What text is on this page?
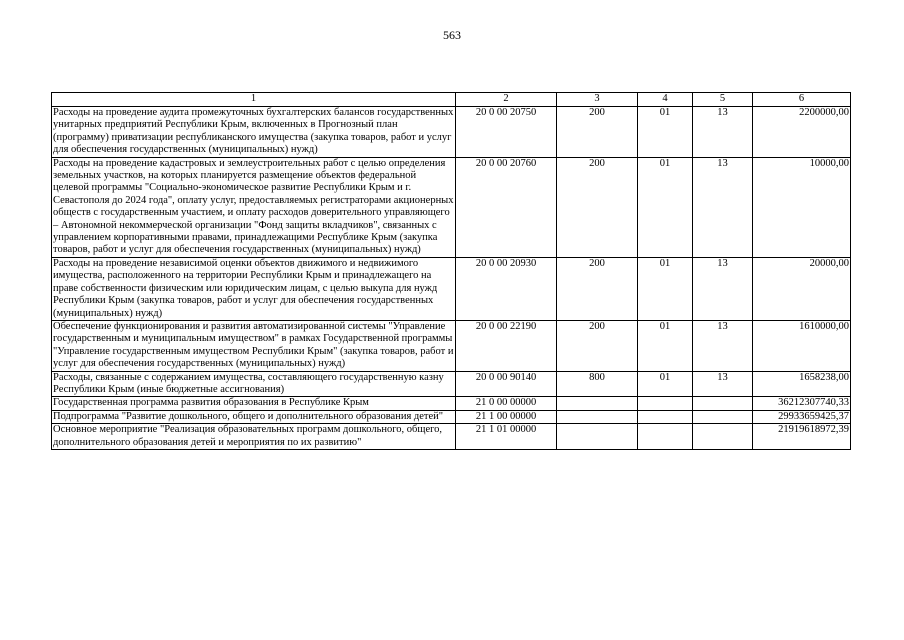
563
1	2	3	4	5	6
Расходы на проведение аудита промежуточных бухгалтерских балансов государственных унитарных предприятий Республики Крым, включенных в Прогнозный план (программу) приватизации республиканского имущества (закупка товаров, работ и услуг для обеспечения государственных (муниципальных) нужд)	20 0 00 20750	200	01	13	2200000,00
Расходы на проведение кадастровых и землеустроительных работ с целью определения земельных участков, на которых планируется размещение объектов федеральной целевой программы "Социально-экономическое развитие Республики Крым и г. Севастополя до 2024 года", оплату услуг, предоставляемых регистраторами акционерных обществ с государственным участием, и оплату расходов доверительного управляющего – Автономной некоммерческой организации "Фонд защиты вкладчиков", связанных с управлением корпоративными правами, принадлежащими Республике Крым (закупка товаров, работ и услуг для обеспечения государственных (муниципальных) нужд)	20 0 00 20760	200	01	13	10000,00
Расходы на проведение независимой оценки объектов движимого и недвижимого имущества, расположенного на территории Республики Крым и принадлежащего на праве собственности физическим или юридическим лицам, с целью выкупа для нужд Республики Крым (закупка товаров, работ и услуг для обеспечения государственных (муниципальных) нужд)	20 0 00 20930	200	01	13	20000,00
Обеспечение функционирования и развития автоматизированной системы "Управление государственным и муниципальным имуществом" в рамках Государственной программы "Управление государственным имуществом Республики Крым" (закупка товаров, работ и услуг для обеспечения государственных (муниципальных) нужд)	20 0 00 22190	200	01	13	1610000,00
Расходы, связанные с содержанием имущества, составляющего государственную казну Республики Крым (иные бюджетные ассигнования)	20 0 00 90140	800	01	13	1658238,00
Государственная программа развития образования в Республике Крым	21 0 00 00000				36212307740,33
Подпрограмма "Развитие дошкольного, общего и дополнительного образования детей"	21 1 00 00000				29933659425,37
Основное мероприятие "Реализация образовательных программ дошкольного, общего, дополнительного образования детей и мероприятия по их развитию"	21 1 01 00000				21919618972,39
